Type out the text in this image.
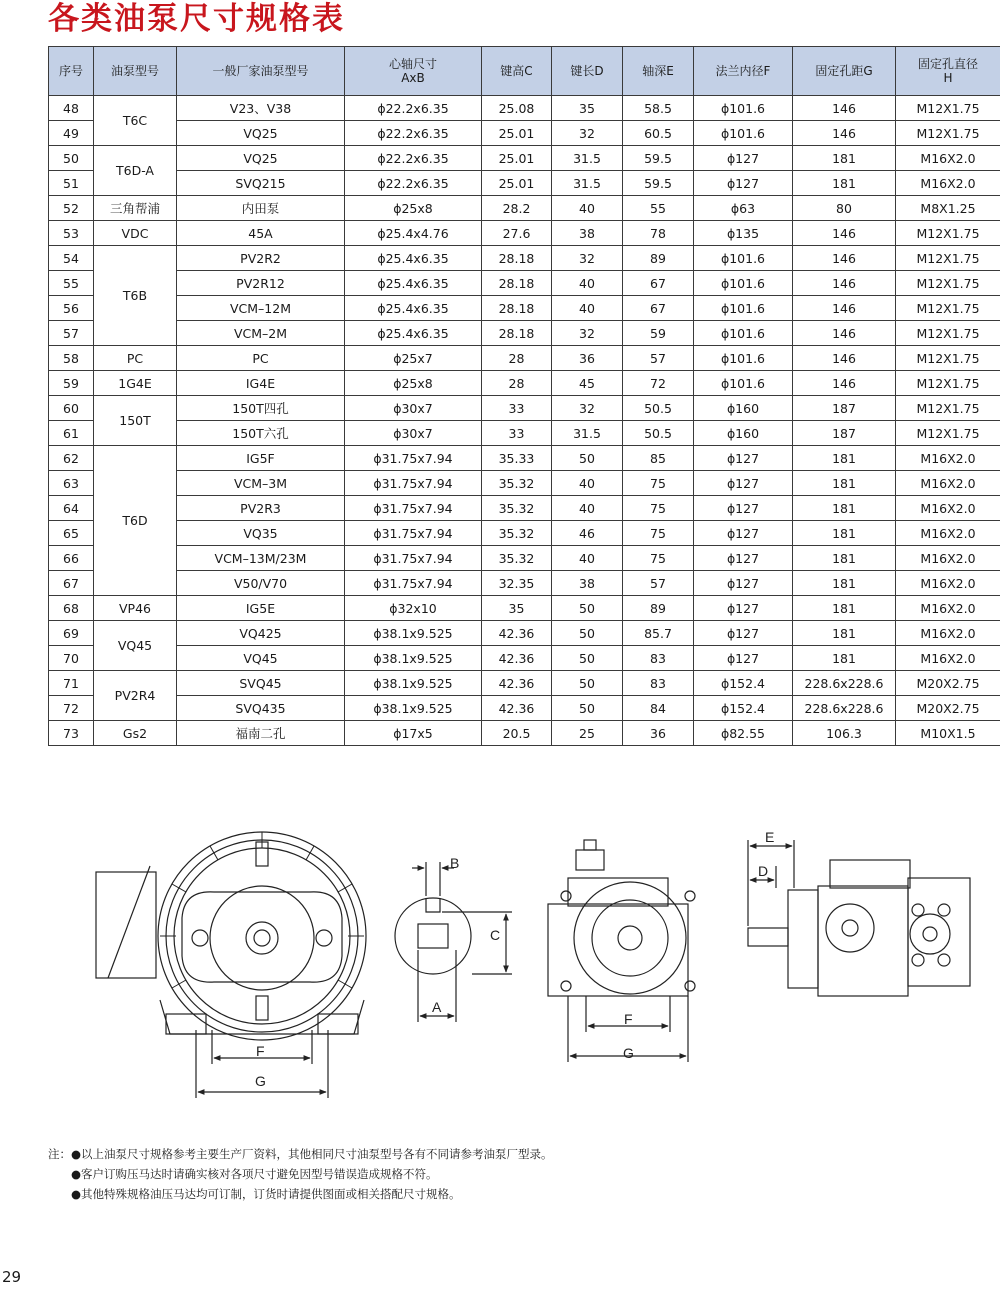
各类油泵尺寸规格表
序号	油泵型号	一般厂家油泵型号	心轴尺寸
AxB	键高C	键长D	轴深E	法兰内径F	固定孔距G	固定孔直径
H

48	T6C	V23、V38	ϕ22.2x6.35	25.08	35	58.5	ϕ101.6	146	M12X1.75
49		VQ25	ϕ22.2x6.35	25.01	32	60.5	ϕ101.6	146	M12X1.75
50	T6D-A	VQ25	ϕ22.2x6.35	25.01	31.5	59.5	ϕ127	181	M16X2.0
51		SVQ215	ϕ22.2x6.35	25.01	31.5	59.5	ϕ127	181	M16X2.0
52	三角帮浦	内田泵	ϕ25x8	28.2	40	55	ϕ63	80	M8X1.25
53	VDC	45A	ϕ25.4x4.76	27.6	38	78	ϕ135	146	M12X1.75
54	T6B	PV2R2	ϕ25.4x6.35	28.18	32	89	ϕ101.6	146	M12X1.75
55		PV2R12	ϕ25.4x6.35	28.18	40	67	ϕ101.6	146	M12X1.75
56		VCM–12M	ϕ25.4x6.35	28.18	40	67	ϕ101.6	146	M12X1.75
57		VCM–2M	ϕ25.4x6.35	28.18	32	59	ϕ101.6	146	M12X1.75
58	PC	PC	ϕ25x7	28	36	57	ϕ101.6	146	M12X1.75
59	1G4E	IG4E	ϕ25x8	28	45	72	ϕ101.6	146	M12X1.75
60	150T	150T四孔	ϕ30x7	33	32	50.5	ϕ160	187	M12X1.75
61		150T六孔	ϕ30x7	33	31.5	50.5	ϕ160	187	M12X1.75
62	T6D	IG5F	ϕ31.75x7.94	35.33	50	85	ϕ127	181	M16X2.0
63		VCM–3M	ϕ31.75x7.94	35.32	40	75	ϕ127	181	M16X2.0
64		PV2R3	ϕ31.75x7.94	35.32	40	75	ϕ127	181	M16X2.0
65		VQ35	ϕ31.75x7.94	35.32	46	75	ϕ127	181	M16X2.0
66		VCM–13M/23M	ϕ31.75x7.94	35.32	40	75	ϕ127	181	M16X2.0
67		V50/V70	ϕ31.75x7.94	32.35	38	57	ϕ127	181	M16X2.0
68	VP46	IG5E	ϕ32x10	35	50	89	ϕ127	181	M16X2.0
69	VQ45	VQ425	ϕ38.1x9.525	42.36	50	85.7	ϕ127	181	M16X2.0
70		VQ45	ϕ38.1x9.525	42.36	50	83	ϕ127	181	M16X2.0
71	PV2R4	SVQ45	ϕ38.1x9.525	42.36	50	83	ϕ152.4	228.6x228.6	M20X2.75
72		SVQ435	ϕ38.1x9.525	42.36	50	84	ϕ152.4	228.6x228.6	M20X2.75
73	Gs2	福南二孔	ϕ17x5	20.5	25	36	ϕ82.55	106.3	M10X1.5
F
G
B
C
A
F
G
E
D
注：●以上油泵尺寸规格参考主要生产厂资料，其他相同尺寸油泵型号各有不同请参考油泵厂型录。
●客户订购压马达时请确实核对各项尺寸避免因型号错误造成规格不符。
●其他特殊规格油压马达均可订制，订货时请提供图面或相关搭配尺寸规格。
29
